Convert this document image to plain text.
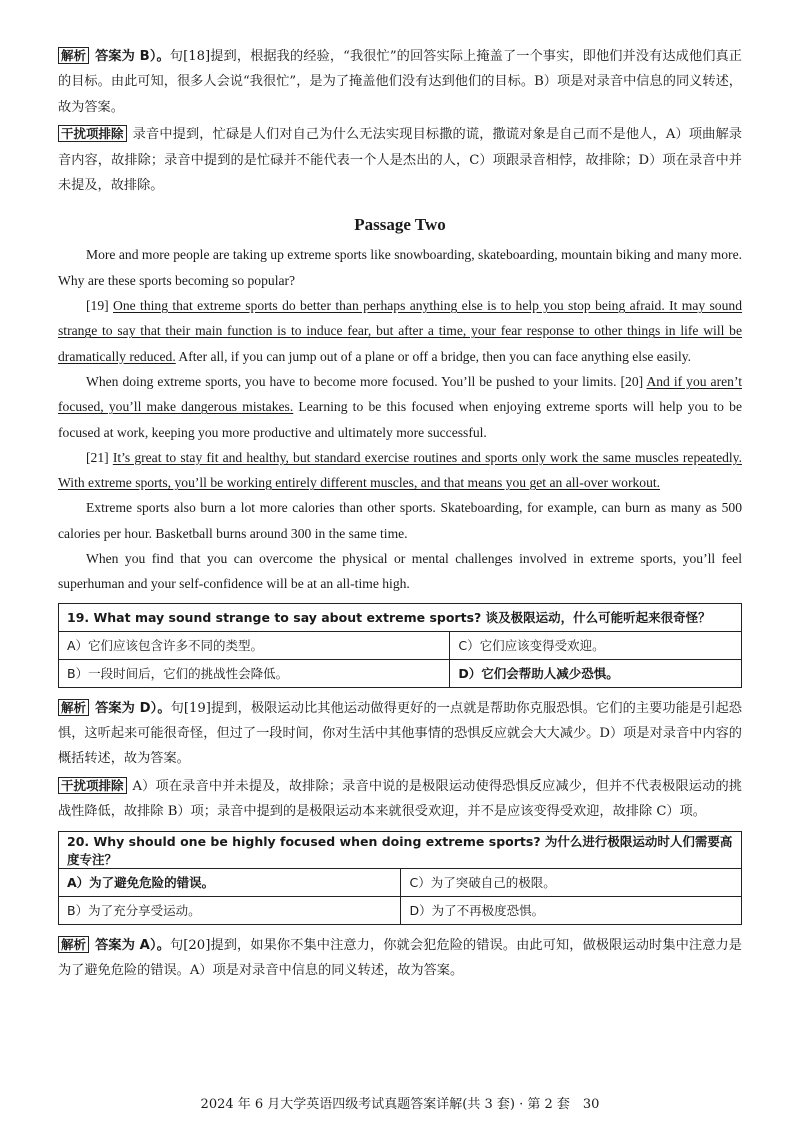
解析 答案为 B）。句[18]提到，根据我的经验，“我很忙”的回答实际上掩盖了一个事实，即他们并没有达成他们真正的目标。由此可知，很多人会说“我很忙”，是为了掩盖他们没有达到他们的目标。B）项是对录音中信息的同义转述，故为答案。

干扰项排除 录音中提到，忙碌是人们对自己为什么无法实现目标撒的谎，撒谎对象是自己而不是他人，A）项曲解录音内容，故排除；录音中提到的是忙碌并不能代表一个人是杰出的人，C）项跟录音相悖，故排除；D）项在录音中并未提及，故排除。

Passage Two

More and more people are taking up extreme sports like snowboarding, skateboarding, mountain biking and many more. Why are these sports becoming so popular?

[19] One thing that extreme sports do better than perhaps anything else is to help you stop being afraid. It may sound strange to say that their main function is to induce fear, but after a time, your fear response to other things in life will be dramatically reduced. After all, if you can jump out of a plane or off a bridge, then you can face anything else easily.

When doing extreme sports, you have to become more focused. You’ll be pushed to your limits. [20] And if you aren’t focused, you’ll make dangerous mistakes. Learning to be this focused when enjoying extreme sports will help you to be focused at work, keeping you more productive and ultimately more successful.

[21] It’s great to stay fit and healthy, but standard exercise routines and sports only work the same muscles repeatedly. With extreme sports, you’ll be working entirely different muscles, and that means you get an all-over workout.

Extreme sports also burn a lot more calories than other sports. Skateboarding, for example, can burn as many as 500 calories per hour. Basketball burns around 300 in the same time.

When you find that you can overcome the physical or mental challenges involved in extreme sports, you’ll feel superhuman and your self-confidence will be at an all-time high.

19. What may sound strange to say about extreme sports? 谈及极限运动，什么可能听起来很奇怪？	
A）它们应该包含许多不同的类型。	C）它们应该变得受欢迎。
B）一段时间后，它们的挑战性会降低。	D）它们会帮助人减少恐惧。

解析 答案为 D）。句[19]提到，极限运动比其他运动做得更好的一点就是帮助你克服恐惧。它们的主要功能是引起恐惧，这听起来可能很奇怪，但过了一段时间，你对生活中其他事情的恐惧反应就会大大减少。D）项是对录音中内容的概括转述，故为答案。

干扰项排除 A）项在录音中并未提及，故排除；录音中说的是极限运动使得恐惧反应减少，但并不代表极限运动的挑战性降低，故排除 B）项；录音中提到的是极限运动本来就很受欢迎，并不是应该变得受欢迎，故排除 C）项。

20. Why should one be highly focused when doing extreme sports? 为什么进行极限运动时人们需要高度专注？	
A）为了避免危险的错误。	C）为了突破自己的极限。
B）为了充分享受运动。	D）为了不再极度恐惧。

解析 答案为 A）。句[20]提到，如果你不集中注意力，你就会犯危险的错误。由此可知，做极限运动时集中注意力是为了避免危险的错误。A）项是对录音中信息的同义转述，故为答案。

2024 年 6 月大学英语四级考试真题答案详解(共 3 套) · 第 2 套　30
